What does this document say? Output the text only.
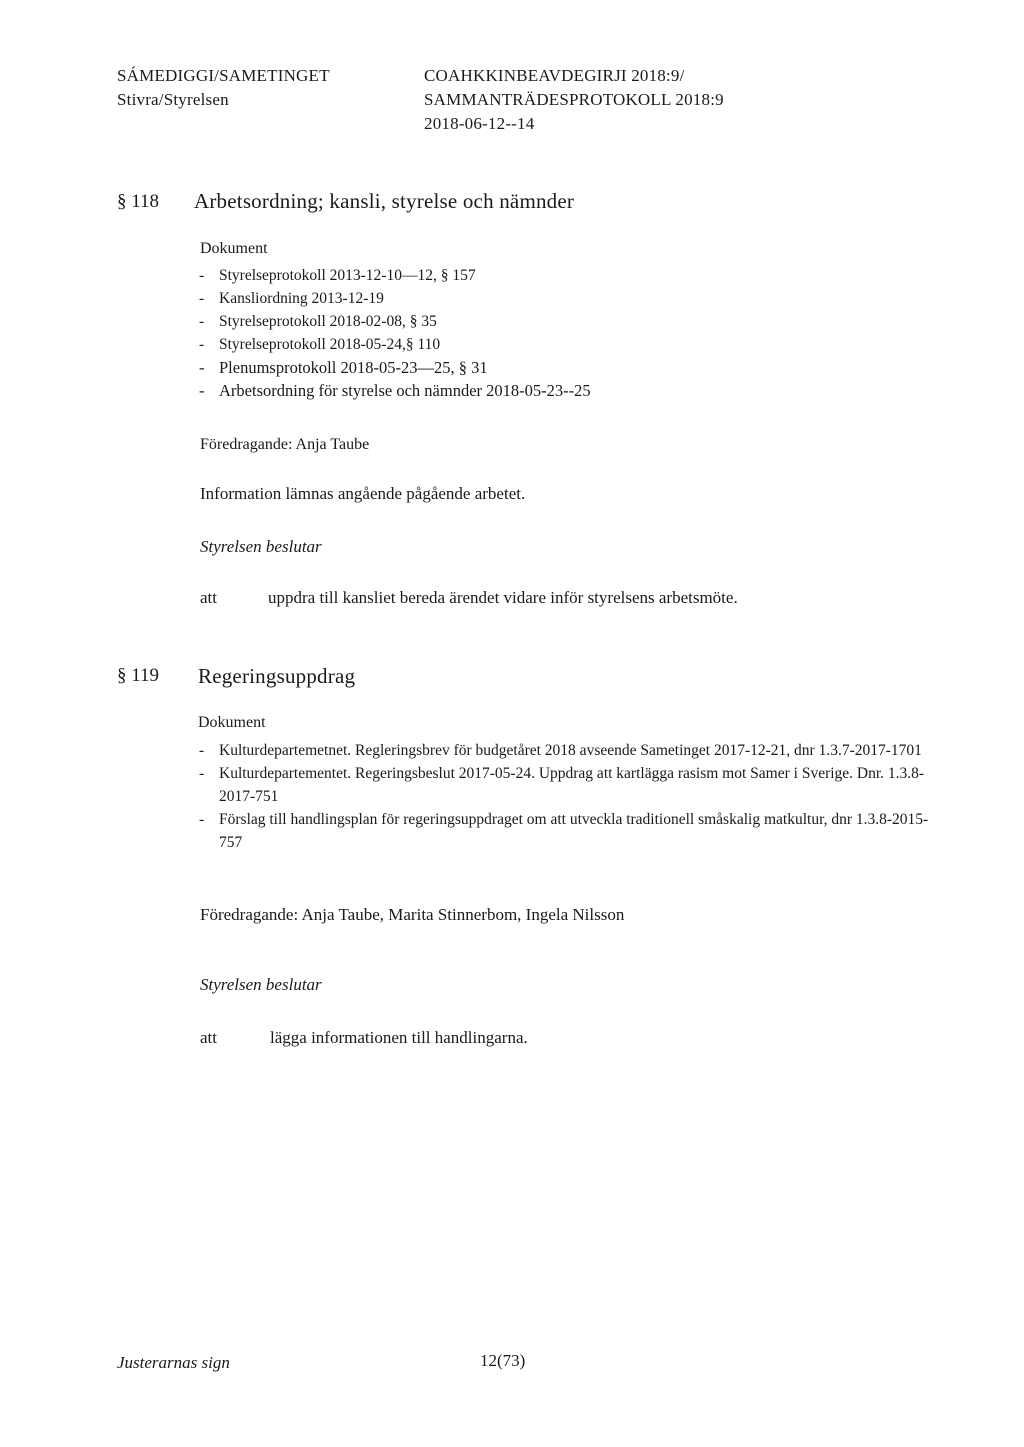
SÁMEDIGGI/SAMETINGET
Stivra/Styrelsen
COAHKKINBEAVDEGIRJI 2018:9/
SAMMANTRÄDESPROTOKOLL 2018:9
2018-06-12--14
§ 118 Arbetsordning; kansli, styrelse och nämnder
Dokument
- Styrelseprotokoll 2013-12-10—12, § 157
- Kansliordning 2013-12-19
- Styrelseprotokoll 2018-02-08, § 35
- Styrelseprotokoll 2018-05-24,§ 110
- Plenumsprotokoll 2018-05-23—25, § 31
- Arbetsordning för styrelse och nämnder 2018-05-23--25
Föredragande: Anja Taube
Information lämnas angående pågående arbetet.
Styrelsen beslutar
att	uppdra till kansliet bereda ärendet vidare inför styrelsens arbetsmöte.
§ 119 Regeringsuppdrag
Dokument
- Kulturdepartemetnet. Regleringsbrev för budgetåret 2018 avseende Sametinget 2017-12-21, dnr 1.3.7-2017-1701
- Kulturdepartementet. Regeringsbeslut 2017-05-24. Uppdrag att kartlägga rasism mot Samer i Sverige. Dnr. 1.3.8-2017-751
- Förslag till handlingsplan för regeringsuppdraget om att utveckla traditionell småskalig matkultur, dnr 1.3.8-2015-757
Föredragande: Anja Taube, Marita Stinnerbom, Ingela Nilsson
Styrelsen beslutar
att	lägga informationen till handlingarna.
Justerarnas sign	12(73)
